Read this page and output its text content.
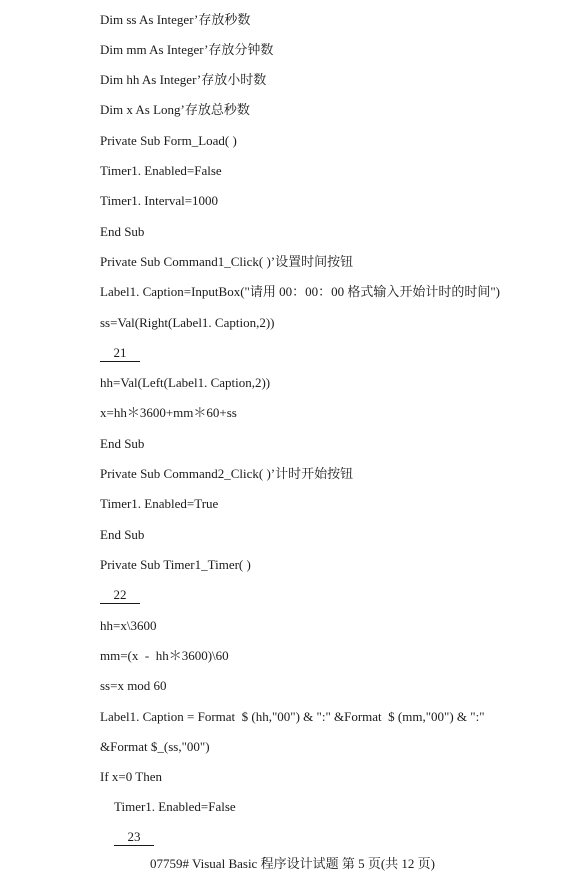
Dim ss As Integer’存放秒数
Dim mm As Integer’存放分钟数
Dim hh As Integer’存放小时数
Dim x As Long’存放总秒数
Private Sub Form_Load( )
Timer1. Enabled=False
Timer1. Interval=1000
End Sub
Private Sub Command1_Click( )’设置时间按钮
Label1. Caption=InputBox("请用 00：00：00 格式输入开始计时的时间")
ss=Val(Right(Label1. Caption,2))
21
hh=Val(Left(Label1. Caption,2))
x=hh＊3600+mm＊60+ss
End Sub
Private Sub Command2_Click( )’计时开始按钮
Timer1. Enabled=True
End Sub
Private Sub Timer1_Timer( )
22
hh=x\3600
mm=(x  -  hh＊3600)\60
ss=x mod 60
Label1. Caption = Format  $ (hh,"00") & ":" &Format  $ (mm,"00") & ":"
&Format $_(ss,"00")
If x=0 Then
Timer1. Enabled=False
23
07759# Visual Basic 程序设计试题 第 5 页(共 12 页)
